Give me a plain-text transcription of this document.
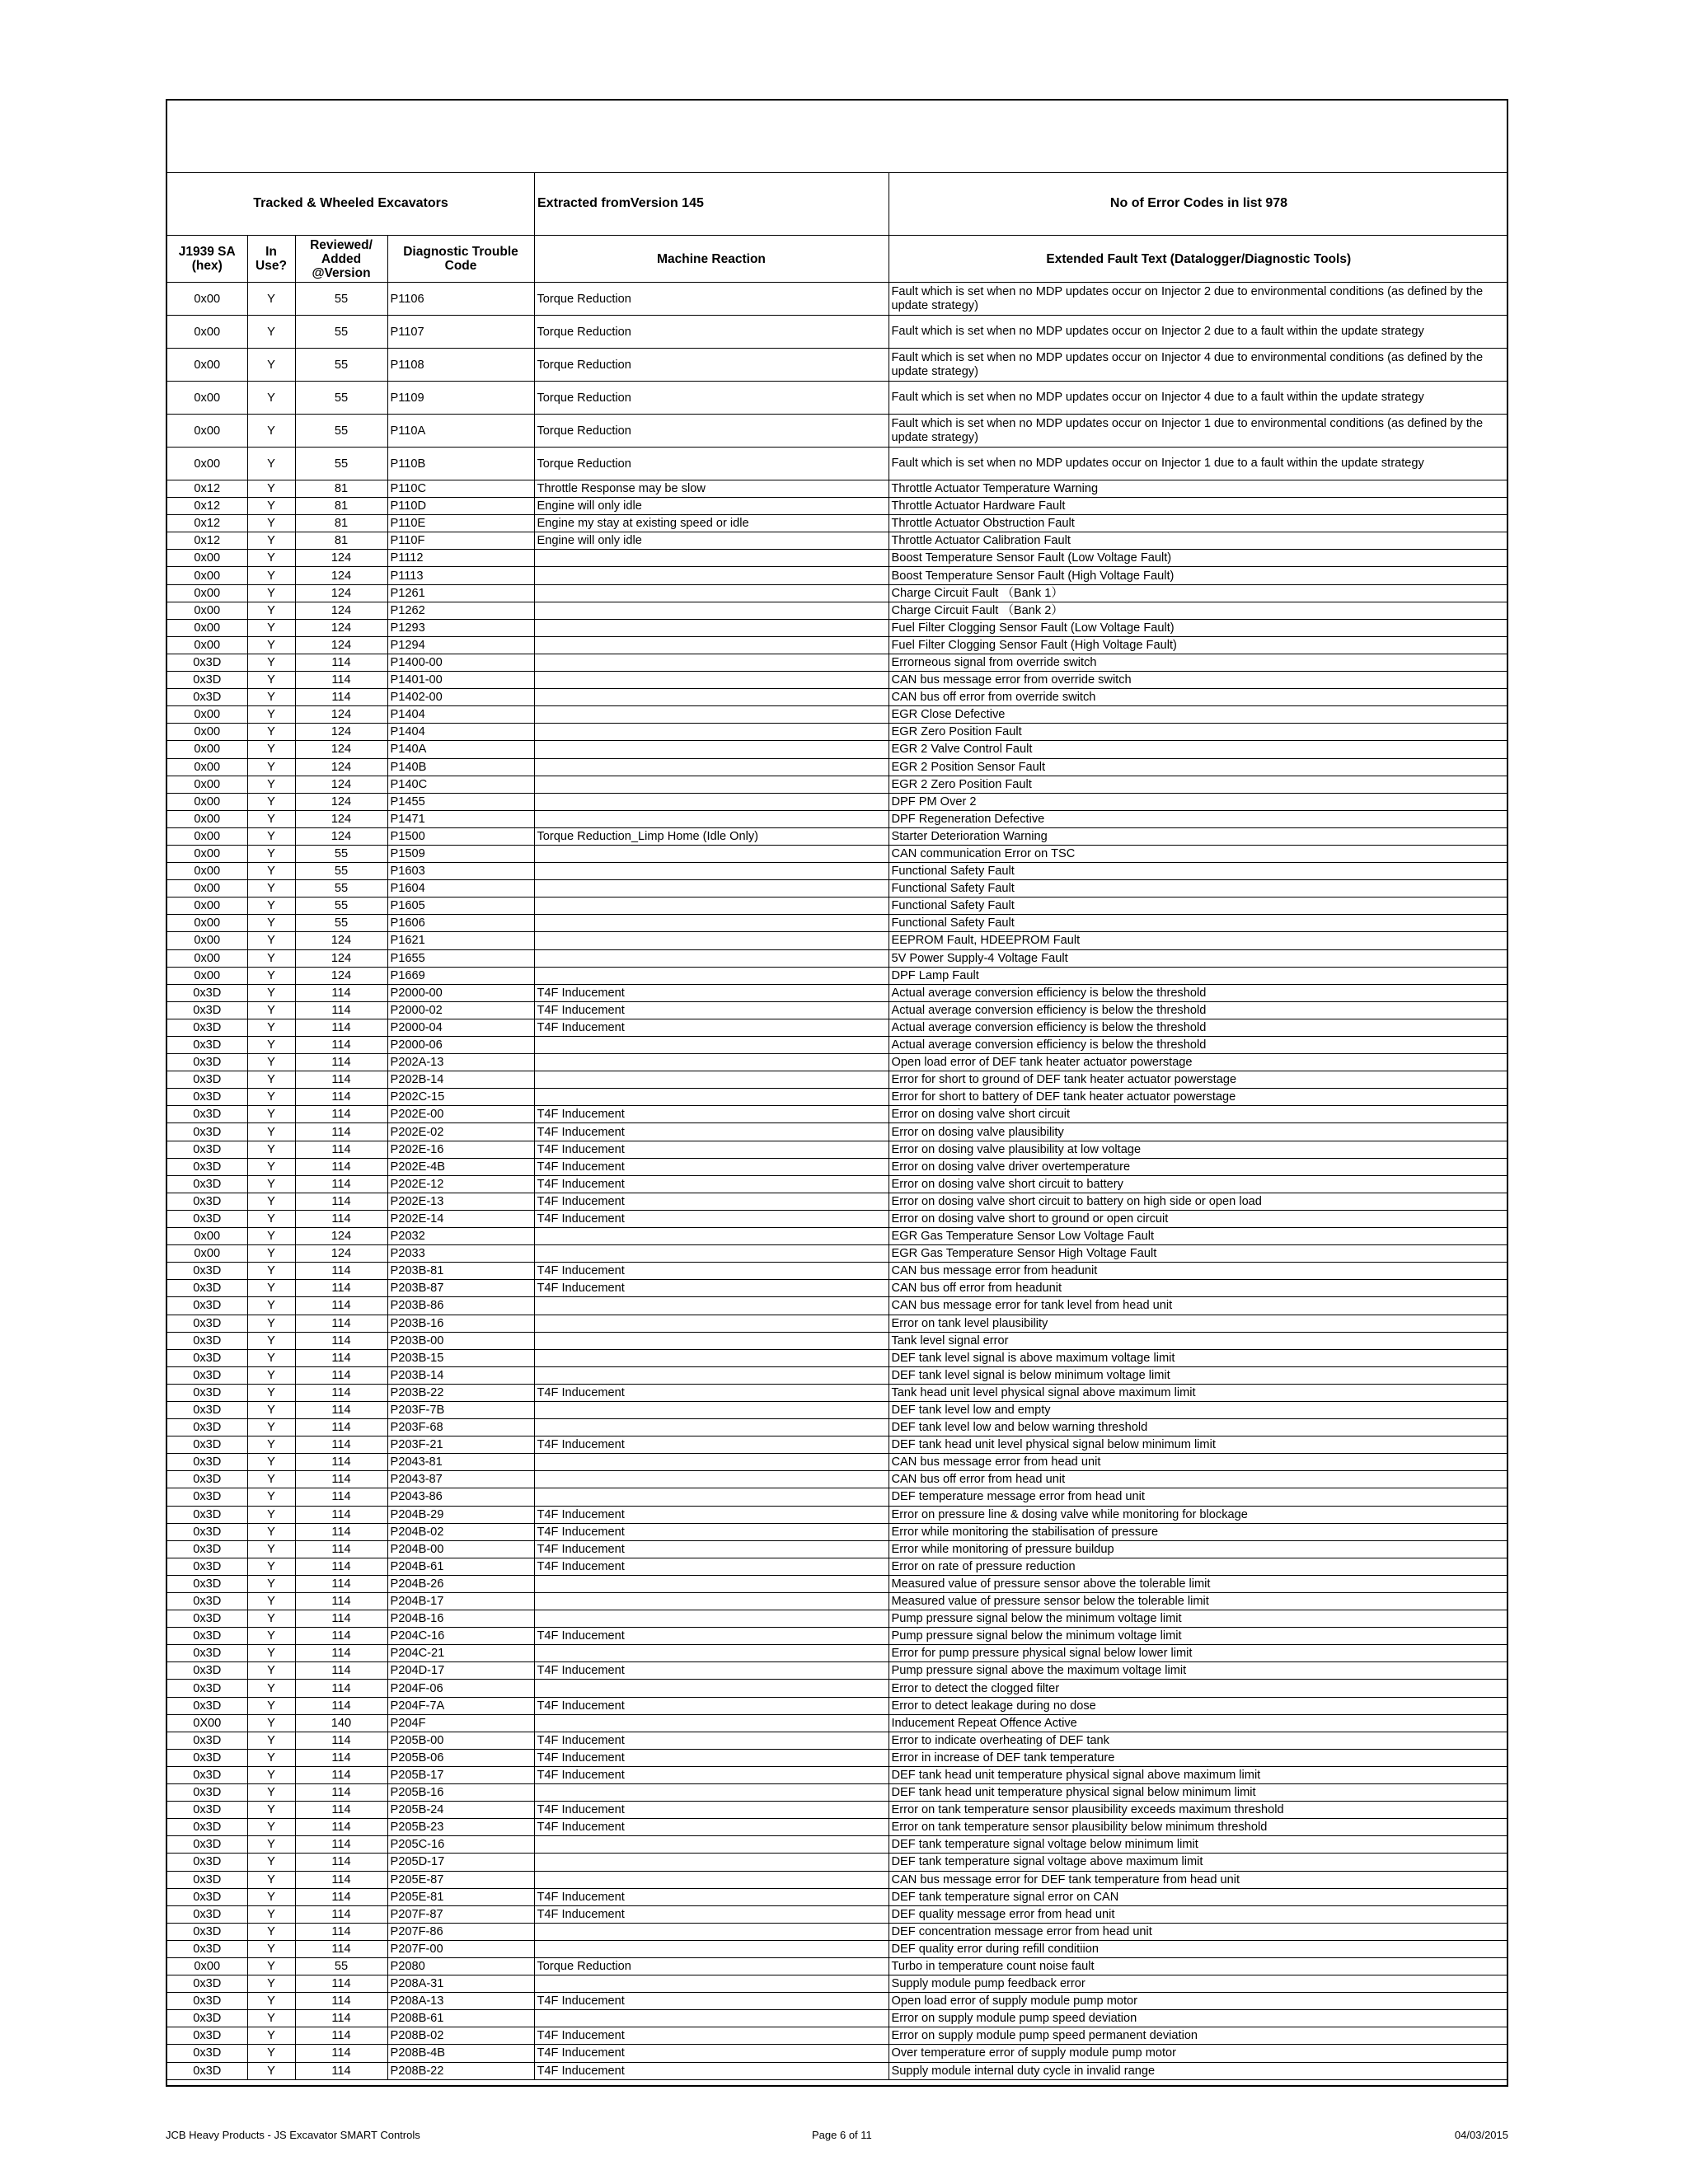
Tracked & Wheeled Excavators	Extracted fromVersion 145	No of Error Codes in list 978
J1939 SA (hex)	In Use?	Reviewed/ Added @Version	Diagnostic Trouble Code	Machine Reaction	Extended Fault Text (Datalogger/Diagnostic Tools)
0x00	Y	55	P1106	Torque Reduction	Fault which is set when no MDP updates occur on Injector 2 due to environmental conditions (as defined by the update strategy)
0x00	Y	55	P1107	Torque Reduction	Fault which is set when no MDP updates occur on Injector 2 due to a fault within the update strategy
0x00	Y	55	P1108	Torque Reduction	Fault which is set when no MDP updates occur on Injector 4 due to environmental conditions (as defined by the update strategy)
0x00	Y	55	P1109	Torque Reduction	Fault which is set when no MDP updates occur on Injector 4 due to a fault within the update strategy
0x00	Y	55	P110A	Torque Reduction	Fault which is set when no MDP updates occur on Injector 1 due to environmental conditions (as defined by the update strategy)
0x00	Y	55	P110B	Torque Reduction	Fault which is set when no MDP updates occur on Injector 1 due to a fault within the update strategy
0x12	Y	81	P110C	Throttle Response may be slow	Throttle Actuator Temperature Warning
0x12	Y	81	P110D	Engine will only idle	Throttle Actuator Hardware Fault
0x12	Y	81	P110E	Engine my stay at existing speed or idle	Throttle Actuator Obstruction Fault
0x12	Y	81	P110F	Engine will only idle	Throttle Actuator Calibration Fault
0x00	Y	124	P1112		Boost Temperature Sensor Fault (Low Voltage Fault)
0x00	Y	124	P1113		Boost Temperature Sensor Fault (High Voltage Fault)
0x00	Y	124	P1261		Charge Circuit Fault （Bank 1）
0x00	Y	124	P1262		Charge Circuit Fault （Bank 2）
0x00	Y	124	P1293		Fuel Filter Clogging Sensor Fault (Low Voltage Fault)
0x00	Y	124	P1294		Fuel Filter Clogging Sensor Fault (High Voltage Fault)
0x3D	Y	114	P1400-00		Errorneous signal from override switch
0x3D	Y	114	P1401-00		CAN bus message error from override switch
0x3D	Y	114	P1402-00		CAN bus off error from override switch
0x00	Y	124	P1404		EGR Close Defective
0x00	Y	124	P1404		EGR Zero Position Fault
0x00	Y	124	P140A		EGR 2 Valve Control Fault
0x00	Y	124	P140B		EGR 2 Position Sensor Fault
0x00	Y	124	P140C		EGR 2 Zero Position Fault
0x00	Y	124	P1455		DPF PM Over 2
0x00	Y	124	P1471		DPF Regeneration Defective
0x00	Y	124	P1500	Torque Reduction_Limp Home (Idle Only)	Starter Deterioration Warning
0x00	Y	55	P1509		CAN communication Error on TSC
0x00	Y	55	P1603		Functional Safety Fault
0x00	Y	55	P1604		Functional Safety Fault
0x00	Y	55	P1605		Functional Safety Fault
0x00	Y	55	P1606		Functional Safety Fault
0x00	Y	124	P1621		EEPROM Fault, HDEEPROM Fault
0x00	Y	124	P1655		5V Power Supply-4 Voltage Fault
0x00	Y	124	P1669		DPF Lamp Fault
0x3D	Y	114	P2000-00	T4F Inducement	Actual average conversion efficiency is below the threshold
0x3D	Y	114	P2000-02	T4F Inducement	Actual average conversion efficiency is below the threshold
0x3D	Y	114	P2000-04	T4F Inducement	Actual average conversion efficiency is below the threshold
0x3D	Y	114	P2000-06		Actual average conversion efficiency is below the threshold
0x3D	Y	114	P202A-13		Open load error of DEF tank heater actuator powerstage
0x3D	Y	114	P202B-14		Error for short to ground of DEF tank heater actuator powerstage
0x3D	Y	114	P202C-15		Error for short to battery of DEF tank heater actuator powerstage
0x3D	Y	114	P202E-00	T4F Inducement	Error on dosing valve short circuit
0x3D	Y	114	P202E-02	T4F Inducement	Error on dosing valve plausibility
0x3D	Y	114	P202E-16	T4F Inducement	Error on dosing valve plausibility at low voltage
0x3D	Y	114	P202E-4B	T4F Inducement	Error on dosing valve driver overtemperature
0x3D	Y	114	P202E-12	T4F Inducement	Error on dosing valve short circuit to battery
0x3D	Y	114	P202E-13	T4F Inducement	Error on dosing valve short circuit to battery on high side or open load
0x3D	Y	114	P202E-14	T4F Inducement	Error on dosing valve short to ground or open circuit
0x00	Y	124	P2032		EGR Gas Temperature Sensor Low Voltage Fault
0x00	Y	124	P2033		EGR Gas Temperature Sensor High Voltage Fault
0x3D	Y	114	P203B-81	T4F Inducement	CAN bus message error from headunit
0x3D	Y	114	P203B-87	T4F Inducement	CAN bus off error from headunit
0x3D	Y	114	P203B-86		CAN bus message error for tank level from head unit
0x3D	Y	114	P203B-16		Error on tank level plausibility
0x3D	Y	114	P203B-00		Tank level signal error
0x3D	Y	114	P203B-15		DEF tank level signal is above maximum voltage limit
0x3D	Y	114	P203B-14		DEF tank level signal is below minimum voltage limit
0x3D	Y	114	P203B-22	T4F Inducement	Tank head unit level physical signal above maximum limit
0x3D	Y	114	P203F-7B		DEF tank level low and empty
0x3D	Y	114	P203F-68		DEF tank level low and below warning threshold
0x3D	Y	114	P203F-21	T4F Inducement	DEF tank head unit level physical signal below minimum limit
0x3D	Y	114	P2043-81		CAN bus message error from head unit
0x3D	Y	114	P2043-87		CAN bus off error from head unit
0x3D	Y	114	P2043-86		DEF temperature message error from head unit
0x3D	Y	114	P204B-29	T4F Inducement	Error on pressure line & dosing valve while monitoring for blockage
0x3D	Y	114	P204B-02	T4F Inducement	Error while monitoring the stabilisation of pressure
0x3D	Y	114	P204B-00	T4F Inducement	Error while monitoring of pressure buildup
0x3D	Y	114	P204B-61	T4F Inducement	Error on rate of pressure reduction
0x3D	Y	114	P204B-26		Measured value of pressure sensor above the tolerable limit
0x3D	Y	114	P204B-17		Measured value of pressure sensor below the tolerable limit
0x3D	Y	114	P204B-16		Pump pressure signal below the minimum voltage limit
0x3D	Y	114	P204C-16	T4F Inducement	Pump pressure signal below the minimum voltage limit
0x3D	Y	114	P204C-21		Error for pump pressure physical signal below lower limit
0x3D	Y	114	P204D-17	T4F Inducement	Pump pressure signal above the maximum voltage limit
0x3D	Y	114	P204F-06		Error to detect the clogged filter
0x3D	Y	114	P204F-7A	T4F Inducement	Error to detect leakage during no dose
0X00	Y	140	P204F		Inducement Repeat Offence Active
0x3D	Y	114	P205B-00	T4F Inducement	Error to indicate overheating of DEF tank
0x3D	Y	114	P205B-06	T4F Inducement	Error in increase of DEF tank temperature
0x3D	Y	114	P205B-17	T4F Inducement	DEF tank head unit temperature physical signal above maximum limit
0x3D	Y	114	P205B-16		DEF tank head unit temperature physical signal below minimum limit
0x3D	Y	114	P205B-24	T4F Inducement	Error on tank temperature sensor plausibility exceeds maximum threshold
0x3D	Y	114	P205B-23	T4F Inducement	Error on tank temperature sensor plausibility below minimum threshold
0x3D	Y	114	P205C-16		DEF tank temperature signal voltage below minimum limit
0x3D	Y	114	P205D-17		DEF tank temperature signal voltage above maximum limit
0x3D	Y	114	P205E-87		CAN bus message error for DEF tank temperature from head unit
0x3D	Y	114	P205E-81	T4F Inducement	DEF tank temperature signal error on CAN
0x3D	Y	114	P207F-87	T4F Inducement	DEF quality message error from head unit
0x3D	Y	114	P207F-86		DEF concentration message error from head unit
0x3D	Y	114	P207F-00		DEF quality error during refill conditiion
0x00	Y	55	P2080	Torque Reduction	Turbo in temperature count noise fault
0x3D	Y	114	P208A-31		Supply module pump feedback error
0x3D	Y	114	P208A-13	T4F Inducement	Open load error of supply module pump motor
0x3D	Y	114	P208B-61		Error on supply module pump speed deviation
0x3D	Y	114	P208B-02	T4F Inducement	Error on supply module pump speed permanent deviation
0x3D	Y	114	P208B-4B	T4F Inducement	Over temperature error of supply module pump motor
0x3D	Y	114	P208B-22	T4F Inducement	Supply module internal duty cycle in invalid range
JCB Heavy Products - JS Excavator SMART Controls	Page 6 of 11	04/03/2015
